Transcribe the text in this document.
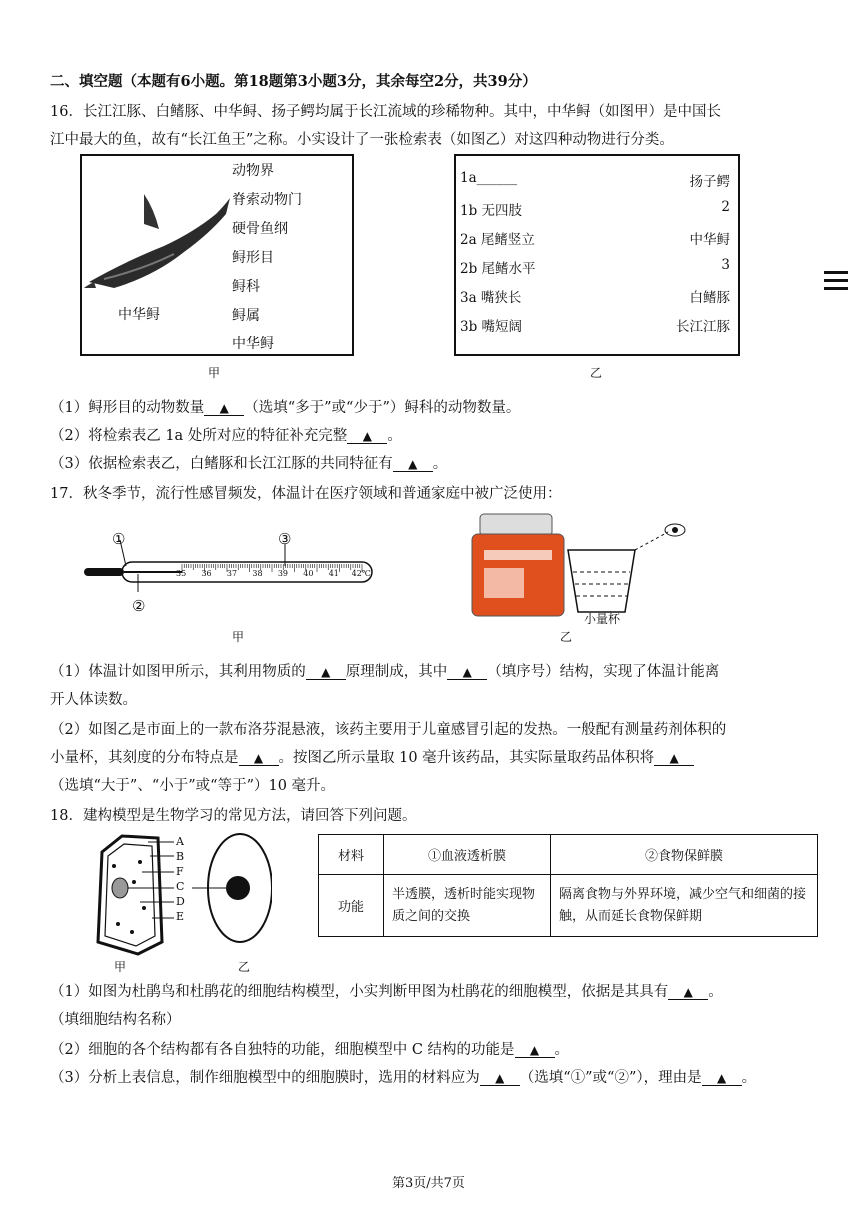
二、填空题（本题有6小题。第18题第3小题3分，其余每空2分，共39分）
16．长江江豚、白鳍豚、中华鲟、扬子鳄均属于长江流域的珍稀物种。其中，中华鲟（如图甲）是中国长
江中最大的鱼，故有“长江鱼王”之称。小实设计了一张检索表（如图乙）对这四种动物进行分类。
中华鲟
动物界
脊索动物门
硬骨鱼纲
鲟形目
鲟科
鲟属
中华鲟
甲
1a______	扬子鳄
1b 无四肢	2
2a 尾鳍竖立	中华鲟
2b 尾鳍水平	3
3a 嘴狭长	白鳍豚
3b 嘴短阔	长江江豚
乙
（1）鲟形目的动物数量 ▲ （选填“多于”或“少于”）鲟科的动物数量。
（2）将检索表乙 1a 处所对应的特征补充完整 ▲ 。
（3）依据检索表乙，白鳍豚和长江江豚的共同特征有 ▲ 。
17．秋冬季节，流行性感冒频发，体温计在医疗领域和普通家庭中被广泛使用：
①
②
③
35 36 37 38 39 40 41 42℃
甲
小量杯
乙
（1）体温计如图甲所示，其利用物质的 ▲ 原理制成，其中 ▲ （填序号）结构，实现了体温计能离
开人体读数。
（2）如图乙是市面上的一款布洛芬混悬液，该药主要用于儿童感冒引起的发热。一般配有测量药剂体积的
小量杯，其刻度的分布特点是 ▲ 。按图乙所示量取 10 毫升该药品，其实际量取药品体积将 ▲
（选填“大于”、“小于”或“等于”）10 毫升。
18．建构模型是生物学习的常见方法，请回答下列问题。
A
B
F
C
D
E
甲	乙
材料	①血液透析膜	②食物保鲜膜
功能	半透膜，透析时能实现物质之间的交换	隔离食物与外界环境，减少空气和细菌的接触，从而延长食物保鲜期
（1）如图为杜鹃鸟和杜鹃花的细胞结构模型，小实判断甲图为杜鹃花的细胞模型，依据是其具有 ▲ 。
（填细胞结构名称）
（2）细胞的各个结构都有各自独特的功能，细胞模型中 C 结构的功能是 ▲ 。
（3）分析上表信息，制作细胞模型中的细胞膜时，选用的材料应为 ▲ （选填“①”或“②”），理由是 ▲ 。
第3页/共7页
